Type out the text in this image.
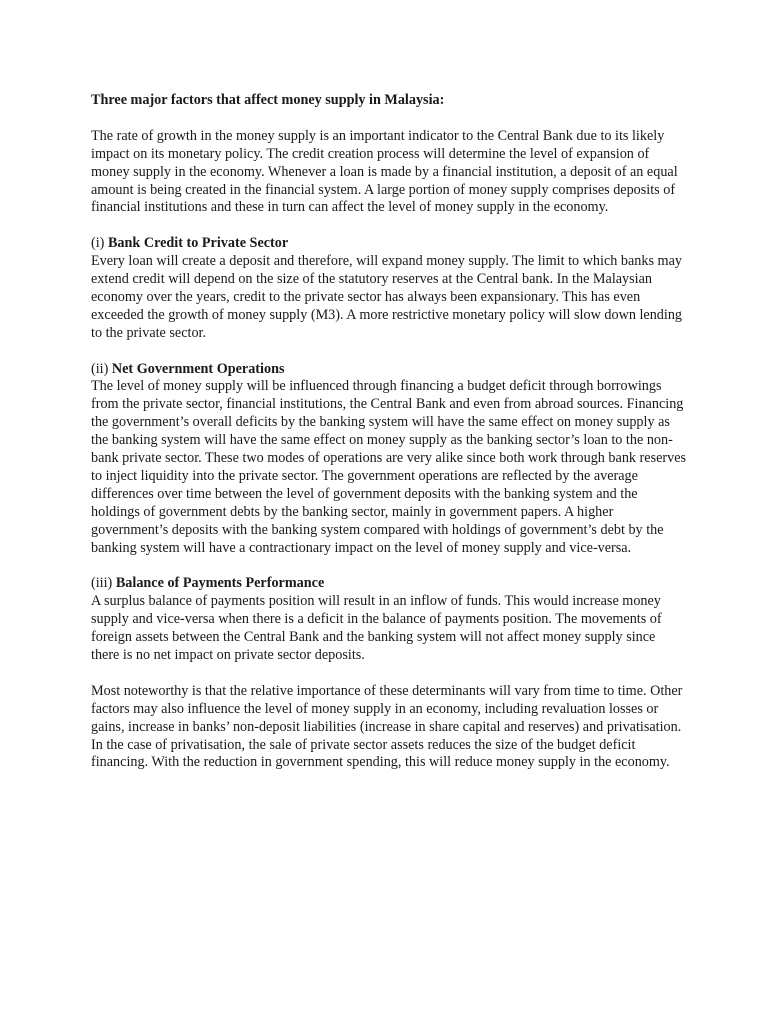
Three major factors that affect money supply in Malaysia:

The rate of growth in the money supply is an important indicator to the Central Bank due to its likely impact on its monetary policy. The credit creation process will determine the level of expansion of money supply in the economy. Whenever a loan is made by a financial institution, a deposit of an equal amount is being created in the financial system. A large portion of money supply comprises deposits of financial institutions and these in turn can affect the level of money supply in the economy.

(i) Bank Credit to Private Sector

Every loan will create a deposit and therefore, will expand money supply. The limit to which banks may extend credit will depend on the size of the statutory reserves at the Central bank. In the Malaysian economy over the years, credit to the private sector has always been expansionary. This has even exceeded the growth of money supply (M3). A more restrictive monetary policy will slow down lending to the private sector.

(ii) Net Government Operations

The level of money supply will be influenced through financing a budget deficit through borrowings from the private sector, financial institutions, the Central Bank and even from abroad sources. Financing the government’s overall deficits by the banking system will have the same effect on money supply as the banking system will have the same effect on money supply as the banking sector’s loan to the non-bank private sector. These two modes of operations are very alike since both work through bank reserves to inject liquidity into the private sector. The government operations are reflected by the average differences over time between the level of government deposits with the banking system and the holdings of government debts by the banking sector, mainly in government papers. A higher government’s deposits with the banking system compared with holdings of government’s debt by the banking system will have a contractionary impact on the level of money supply and vice-versa.

(iii) Balance of Payments Performance

A surplus balance of payments position will result in an inflow of funds. This would increase money supply and vice-versa when there is a deficit in the balance of payments position. The movements of foreign assets between the Central Bank and the banking system will not affect money supply since there is no net impact on private sector deposits.

Most noteworthy is that the relative importance of these determinants will vary from time to time. Other factors may also influence the level of money supply in an economy, including revaluation losses or gains, increase in banks’ non-deposit liabilities (increase in share capital and reserves) and privatisation. In the case of privatisation, the sale of private sector assets reduces the size of the budget deficit financing. With the reduction in government spending, this will reduce money supply in the economy.
